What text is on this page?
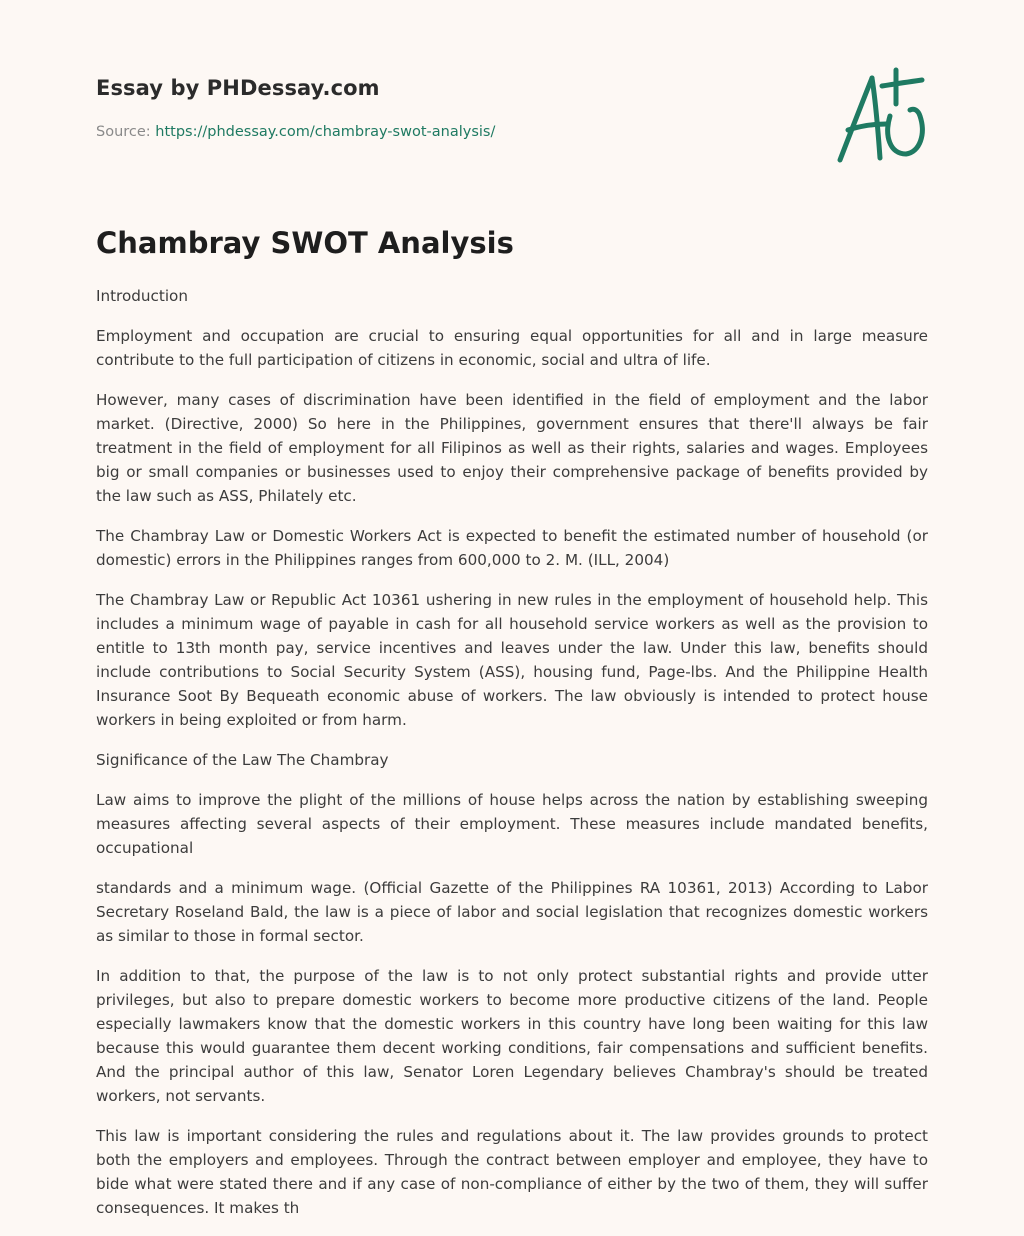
Essay by PHDessay.com
Source: https://phdessay.com/chambray-swot-analysis/
Chambray SWOT Analysis

Introduction

Employment and occupation are crucial to ensuring equal opportunities for all and in large measure contribute to the full participation of citizens in economic, social and ultra of life.

However, many cases of discrimination have been identified in the field of employment and the labor market. (Directive, 2000) So here in the Philippines, government ensures that there'll always be fair treatment in the field of employment for all Filipinos as well as their rights, salaries and wages. Employees big or small companies or businesses used to enjoy their comprehensive package of benefits provided by the law such as ASS, Philately etc.

The Chambray Law or Domestic Workers Act is expected to benefit the estimated number of household (or domestic) errors in the Philippines ranges from 600,000 to 2. M. (ILL, 2004)

The Chambray Law or Republic Act 10361 ushering in new rules in the employment of household help. This includes a minimum wage of payable in cash for all household service workers as well as the provision to entitle to 13th month pay, service incentives and leaves under the law. Under this law, benefits should include contributions to Social Security System (ASS), housing fund, Page-lbs. And the Philippine Health Insurance Soot By Bequeath economic abuse of workers. The law obviously is intended to protect house workers in being exploited or from harm.

Significance of the Law The Chambray

Law aims to improve the plight of the millions of house helps across the nation by establishing sweeping measures affecting several aspects of their employment. These measures include mandated benefits, occupational

standards and a minimum wage. (Official Gazette of the Philippines RA 10361, 2013) According to Labor Secretary Roseland Bald, the law is a piece of labor and social legislation that recognizes domestic workers as similar to those in formal sector.

In addition to that, the purpose of the law is to not only protect substantial rights and provide utter privileges, but also to prepare domestic workers to become more productive citizens of the land. People especially lawmakers know that the domestic workers in this country have long been waiting for this law because this would guarantee them decent working conditions, fair compensations and sufficient benefits. And the principal author of this law, Senator Loren Legendary believes Chambray's should be treated workers, not servants.

This law is important considering the rules and regulations about it. The law provides grounds to protect both the employers and employees. Through the contract between employer and employee, they have to bide what were stated there and if any case of non-compliance of either by the two of them, they will suffer consequences. It makes th
